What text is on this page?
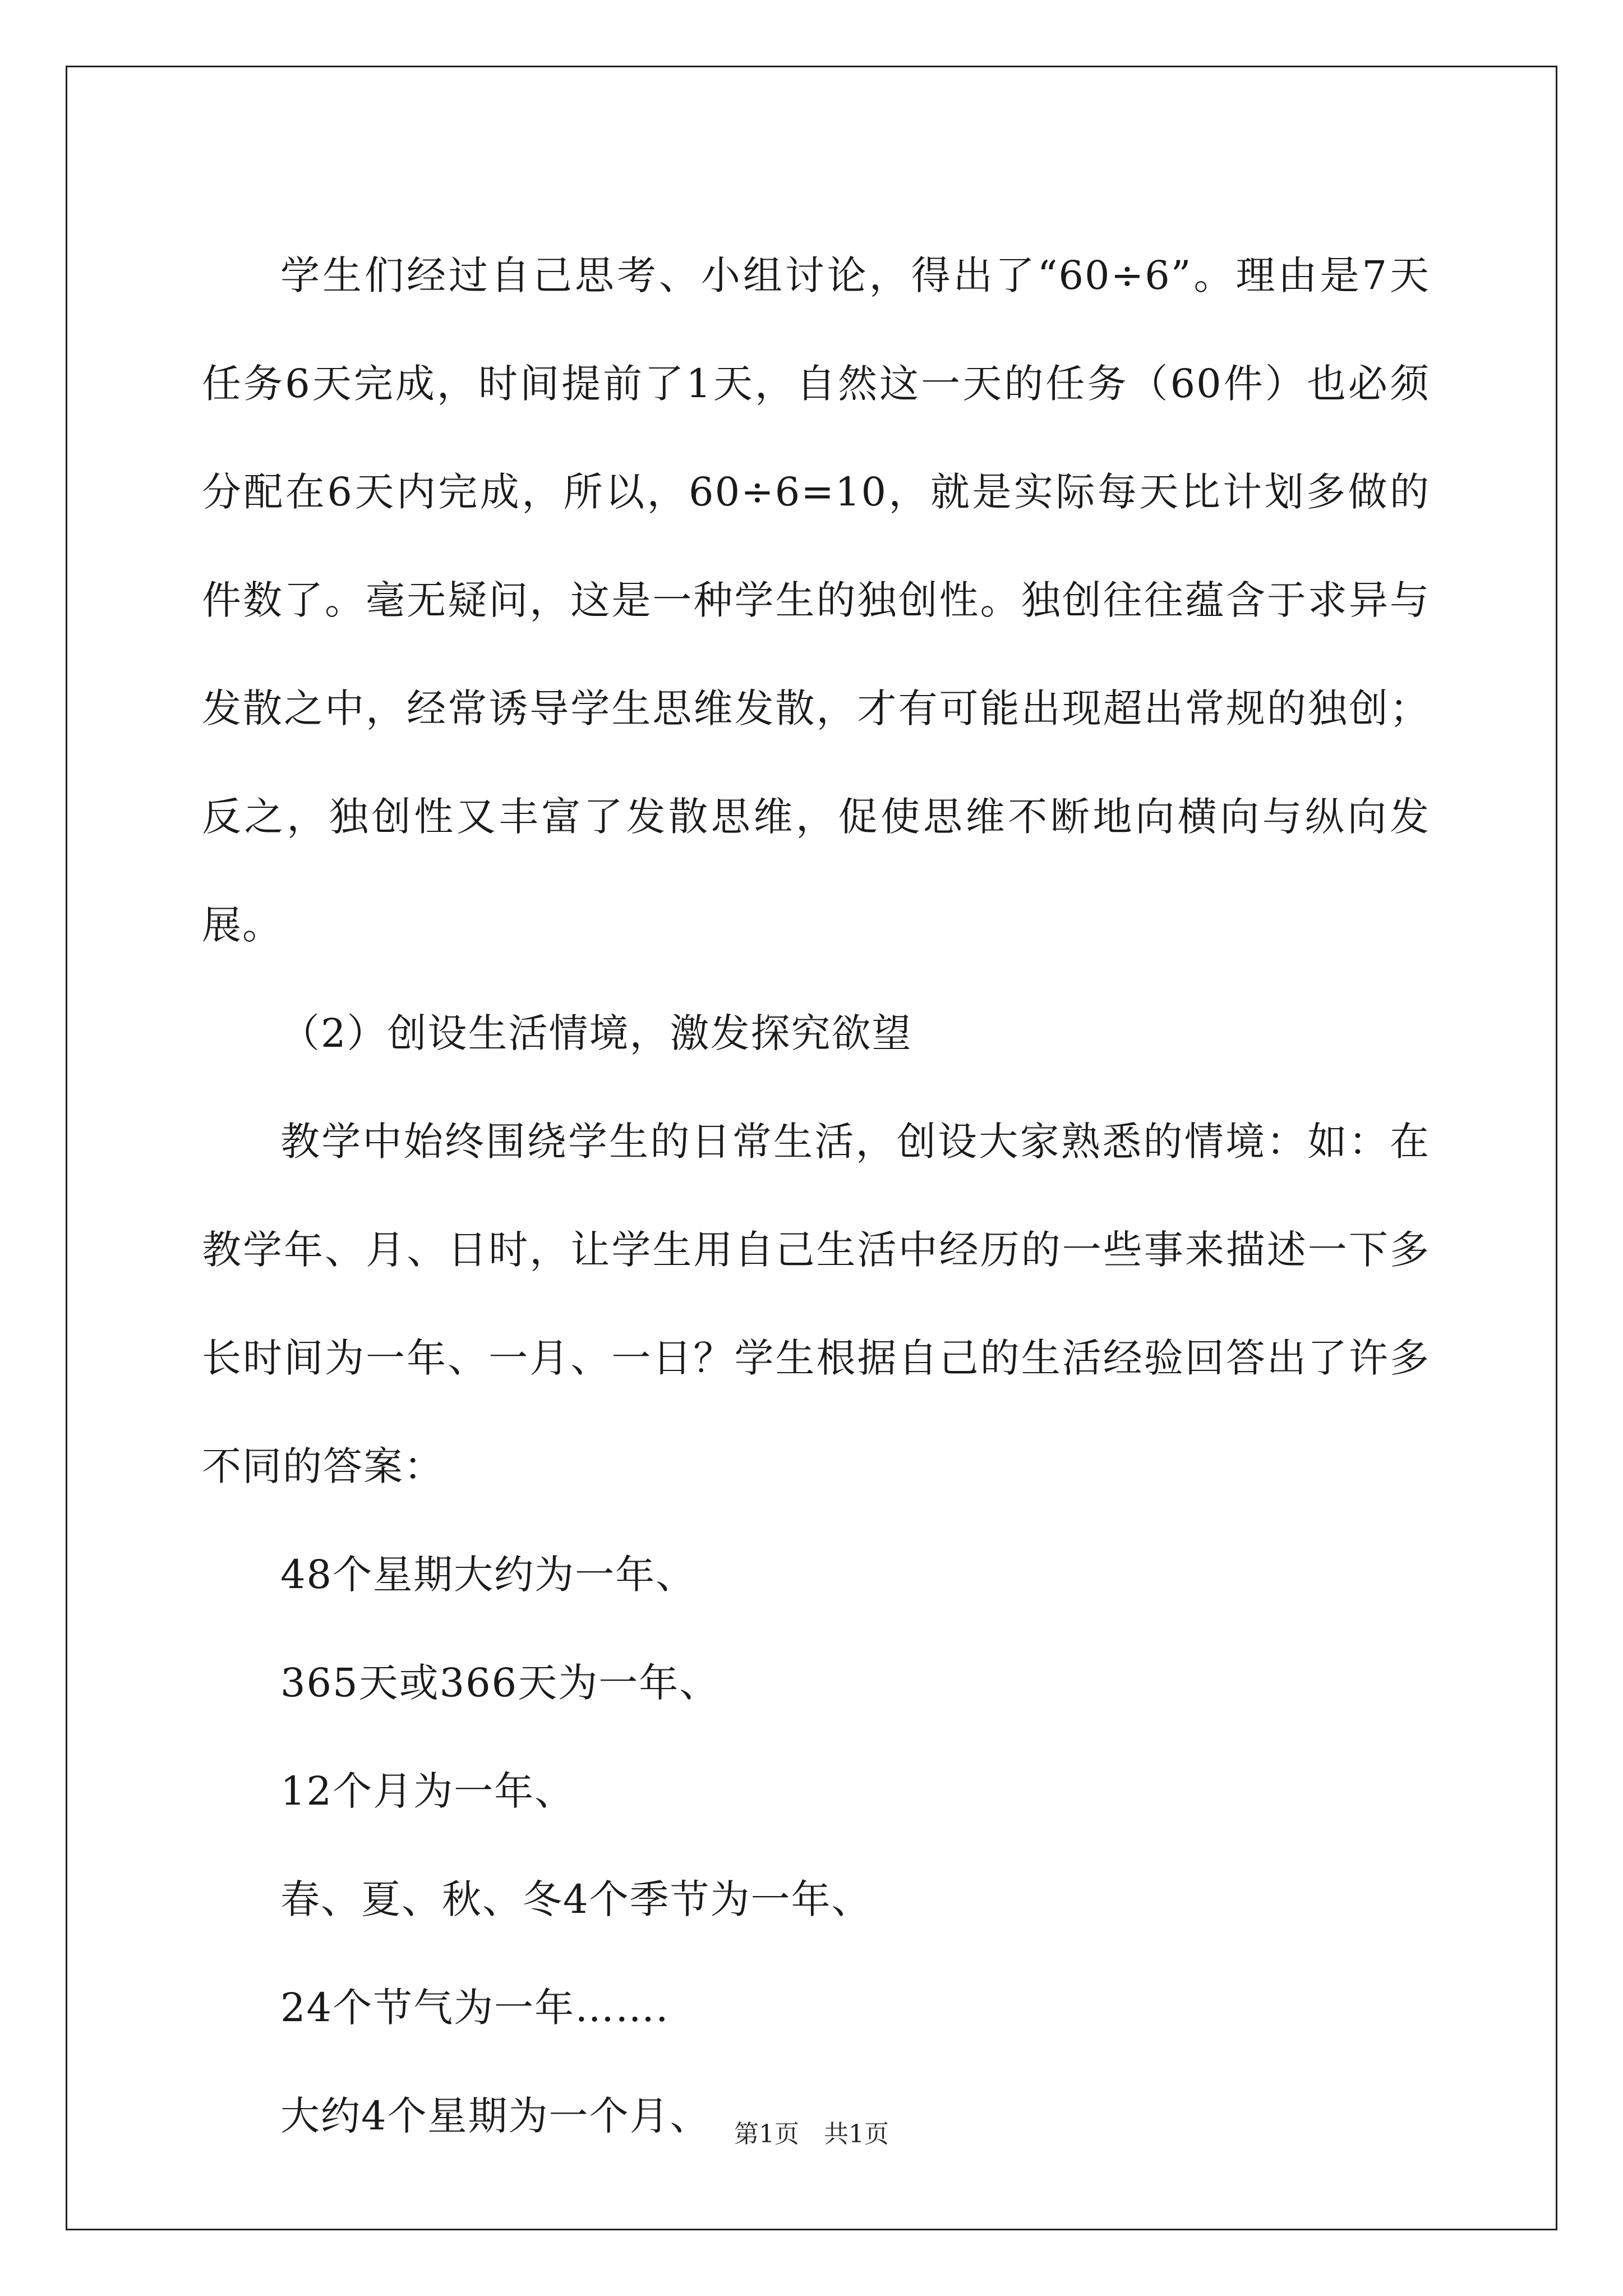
学生们经过自己思考、小组讨论，得出了“60÷6”。理由是7天任务6天完成，时间提前了1天，自然这一天的任务（60件）也必须分配在6天内完成，所以，60÷6=10，就是实际每天比计划多做的件数了。毫无疑问，这是一种学生的独创性。独创往往蕴含于求异与发散之中，经常诱导学生思维发散，才有可能出现超出常规的独创；反之，独创性又丰富了发散思维，促使思维不断地向横向与纵向发展。

（2）创设生活情境，激发探究欲望

教学中始终围绕学生的日常生活，创设大家熟悉的情境：如：在教学年、月、日时，让学生用自己生活中经历的一些事来描述一下多长时间为一年、一月、一日？学生根据自己的生活经验回答出了许多不同的答案：

48个星期大约为一年、

365天或366天为一年、

12个月为一年、

春、夏、秋、冬4个季节为一年、

24个节气为一年…….

大约4个星期为一个月、 第1页 共1页
